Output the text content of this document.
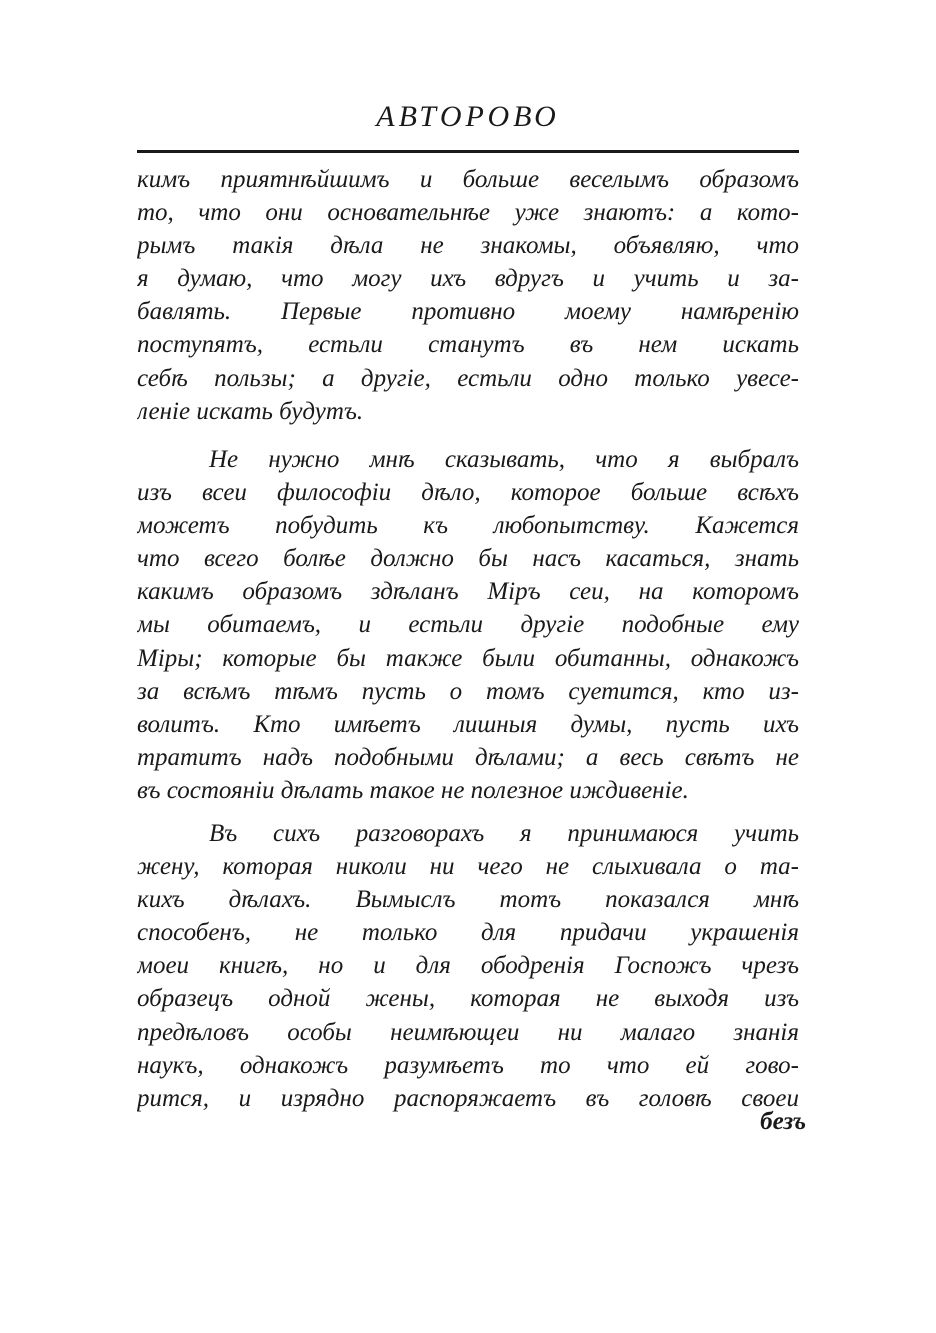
АВТОРОВО
кимъ приятнѣйшимъ и больше веселымъ образомъ
то, что они основательнѣе уже знаютъ: а кото-
рымъ такія дѣла не знакомы, объявляю, что
я думаю, что могу ихъ вдругъ и учить и за-
бавлять. Первые противно моему намѣренію
поступятъ, естьли станутъ въ нем искать
себѣ пользы; а другіе, естьли одно только увесе-
леніе искать будутъ.
Не нужно мнѣ сказывать, что я выбралъ
изъ всеи философіи дѣло, которое больше всѣхъ
можетъ побудить къ любопытству. Кажется
что всего болѣе должно бы насъ касаться, знать
какимъ образомъ здѣланъ Міръ сеи, на которомъ
мы обитаемъ, и естьли другіе подобные ему
Міры; которые бы также были обитанны, однакожъ
за всѣмъ тѣмъ пусть о томъ суетится, кто из-
волитъ. Кто имѣетъ лишныя думы, пусть ихъ
тратитъ надъ подобными дѣлами; а весь свѣтъ не
въ состояніи дѣлать такое не полезное иждивеніе.
Въ сихъ разговорахъ я принимаюся учить
жену, которая николи ни чего не слыхивала о та-
кихъ дѣлахъ. Вымыслъ тотъ показался мнѣ
способенъ, не только для придачи украшенія
моеи книгѣ, но и для ободренія Госпожъ чрезъ
образецъ одной жены, которая не выходя изъ
предѣловъ особы неимѣющеи ни малаго знанія
наукъ, однакожъ разумѣетъ то что ей гово-
рится, и изрядно распоряжаетъ въ головѣ своеи
безъ
